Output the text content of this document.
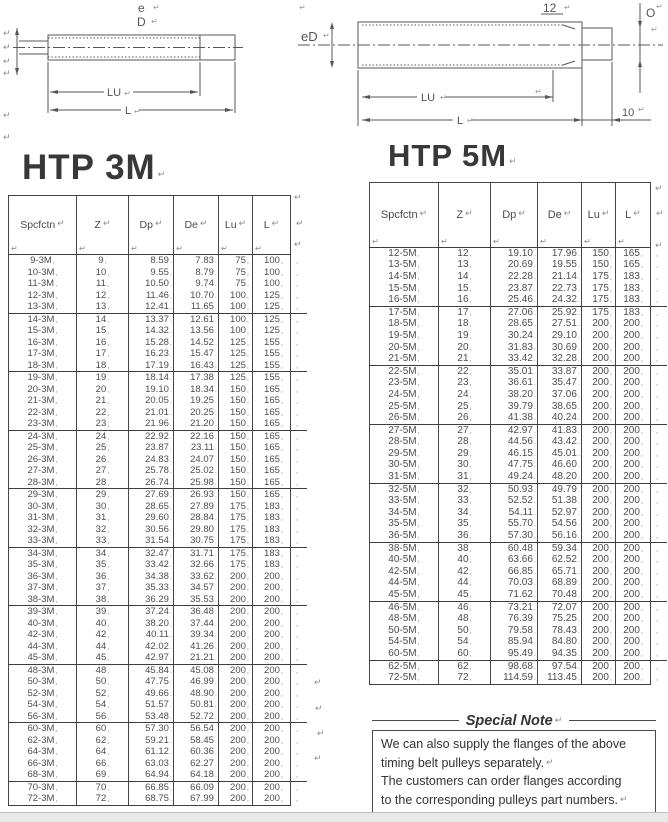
e ↵
D ↵
LU ↵
L ↵
↵
eD ↵
12 ↵	O ↵
↵
LU ↵
↵
L ↵
10 ↵
HTP 3M ↵
HTP 5M ↵
Spcfctn ↵
↵	Z ↵
↵	Dp ↵
↵	De ↵
↵	Lu ↵
↵	L ↵
↵	↵
9-3M,	9,	8.59.	7.83.	75,	100,	,
10-3M,	10,	9.55.	8.79.	75,	100,	,
11-3M,	11,	10.50.	9.74.	75,	100,	,
12-3M,	12,	11.46.	10.70.	100,	125,	,
13-3M,	13,	12.41.	11.65.	100,	125,	,
14-3M,	14,	13.37.	12.61.	100,	125,	,
15-3M,	15,	14.32.	13.56.	100,	125,	,
16-3M,	16,	15.28.	14.52.	125,	155,	,
17-3M,	17,	16.23.	15.47.	125,	155,	,
18-3M,	18,	17.19.	16.43.	125,	155,	,
19-3M,	19,	18.14.	17.38.	125,	155,	,
20-3M,	20,	19.10.	18.34.	150,	165,	,
21-3M,	21,	20.05.	19.25.	150,	165,	,
22-3M,	22,	21.01.	20.25.	150,	165,	,
23-3M,	23,	21.96.	21.20.	150,	165,	,
24-3M,	24,	22.92.	22.16.	150,	165,	,
25-3M,	25,	23.87.	23.11.	150,	165,	,
26-3M,	26,	24.83.	24.07.	150,	165,	,
27-3M,	27,	25.78.	25.02.	150,	165,	,
28-3M,	28,	26.74.	25.98.	150,	165,	,
29-3M,	29,	27.69.	26.93.	150,	165,	,
30-3M,	30,	28.65.	27.89.	175,	183,	,
31-3M,	31,	29.60.	28.84.	175,	183,	,
32-3M,	32,	30.56.	29.80.	175,	183,	,
33-3M,	33,	31.54.	30.75.	175,	183,	,
34-3M,	34,	32.47.	31.71.	175,	183,	,
35-3M,	35,	33.42.	32.66.	175,	183,	,
36-3M,	36,	34.38.	33.62.	200,	200,	,
37-3M,	37,	35.33.	34.57.	200,	200,	,
38-3M,	38,	36.29.	35.53.	200,	200,	,
39-3M,	39,	37.24.	36.48.	200,	200,	,
40-3M,	40,	38.20.	37.44.	200,	200,	,
42-3M,	42,	40.11.	39.34.	200,	200,	,
44-3M,	44,	42.02.	41.26.	200,	200,	,
45-3M,	45,	42.97.	21.21.	200,	200,	,
48-3M,	48,	45.84.	45.08.	200,	200,	,
50-3M,	50,	47.75.	46.99.	200,	200,	,
52-3M,	52,	49.66.	48.90.	200,	200,	,
54-3M,	54,	51.57.	50.81.	200,	200,	,
56-3M,	56,	53.48.	52.72.	200,	200,	,
60-3M,	60,	57.30.	56.54.	200,	200,	,
62-3M,	62,	59.21.	58.45.	200,	200,	,
64-3M,	64,	61.12.	60.36.	200,	200,	,
66-3M,	66,	63.03.	62.27.	200,	200,	,
68-3M,	69,	64.94.	64.18.	200,	200,	,
70-3M,	70,	66.85.	66.09.	200,	200,	,
72-3M,	72,	68.75.	67.99.	200,	200,	,
Spcfctn ↵
↵	Z ↵
↵	Dp ↵
↵	De ↵
↵	Lu ↵
↵	L ↵
↵	↵
12-5M,	12,	19.10.	17.96.	150,	165,	,
13-5M,	13,	20.69.	19.55.	150,	165,	,
14-5M,	14,	22.28.	21.14.	175,	183,	,
15-5M,	15,	23.87.	22.73.	175,	183,	,
16-5M,	16,	25.46.	24.32.	175,	183,	,
17-5M,	17,	27.06.	25.92.	175,	183,	,
18-5M,	18,	28.65.	27.51.	200,	200,	,
19-5M,	19,	30.24.	29.10.	200,	200,	,
20-5M,	20,	31.83.	30.69.	200,	200,	,
21-5M,	21,	33.42.	32.28.	200,	200,	,
22-5M,	22,	35.01.	33.87.	200,	200,	,
23-5M,	23,	36.61.	35.47.	200,	200,	,
24-5M,	24,	38.20.	37.06.	200,	200,	,
25-5M,	25,	39.79.	38.65.	200,	200,	,
26-5M,	26,	41.38.	40.24.	200,	200,	,
27-5M,	27,	42.97.	41.83.	200,	200,	,
28-5M,	28,	44.56.	43.42.	200,	200,	,
29-5M,	29,	46.15.	45.01.	200,	200,	,
30-5M,	30,	47.75.	46.60.	200,	200,	,
31-5M,	31,	49.24.	48.20.	200,	200,	,
32-5M,	32,	50.93.	49.79.	200,	200,	,
33-5M,	33,	52.52.	51.38.	200,	200,	,
34-5M,	34,	54.11.	52.97.	200,	200,	,
35-5M,	35,	55.70.	54.56.	200,	200,	,
36-5M,	36,	57.30.	56.16.	200,	200,	,
38-5M,	38,	60.48.	59.34.	200,	200,	,
40-5M,	40,	63.66.	62.52.	200,	200,	,
42-5M,	42,	66.85.	65.71.	200,	200,	,
44-5M,	44,	70.03.	68.89.	200,	200,	,
45-5M,	45,	71.62.	70.48.	200,	200,	,
46-5M,	46,	73.21.	72.07.	200,	200,	,
48-5M,	48,	76.39.	75.25.	200,	200,	,
50-5M,	50,	79.58.	78.43.	200,	200,	,
54-5M,	54,	85.94.	84.80.	200,	200,	,
60-5M,	60,	95.49.	94.35.	200,	200,	,
62-5M,	62,	98.68.	97.54.	200,	200,	,
72-5M,	72,	114.59.	113.45.	200,	200,	,
Special Note ↵
We can also supply the flanges of the above
timing belt pulleys separately. ↵
The customers can order flanges according
to the corresponding pulleys part numbers. ↵
↵
↵
↵
↵
↵
↵
↵
↵
↵
↵
↵
↵
↵
↵
